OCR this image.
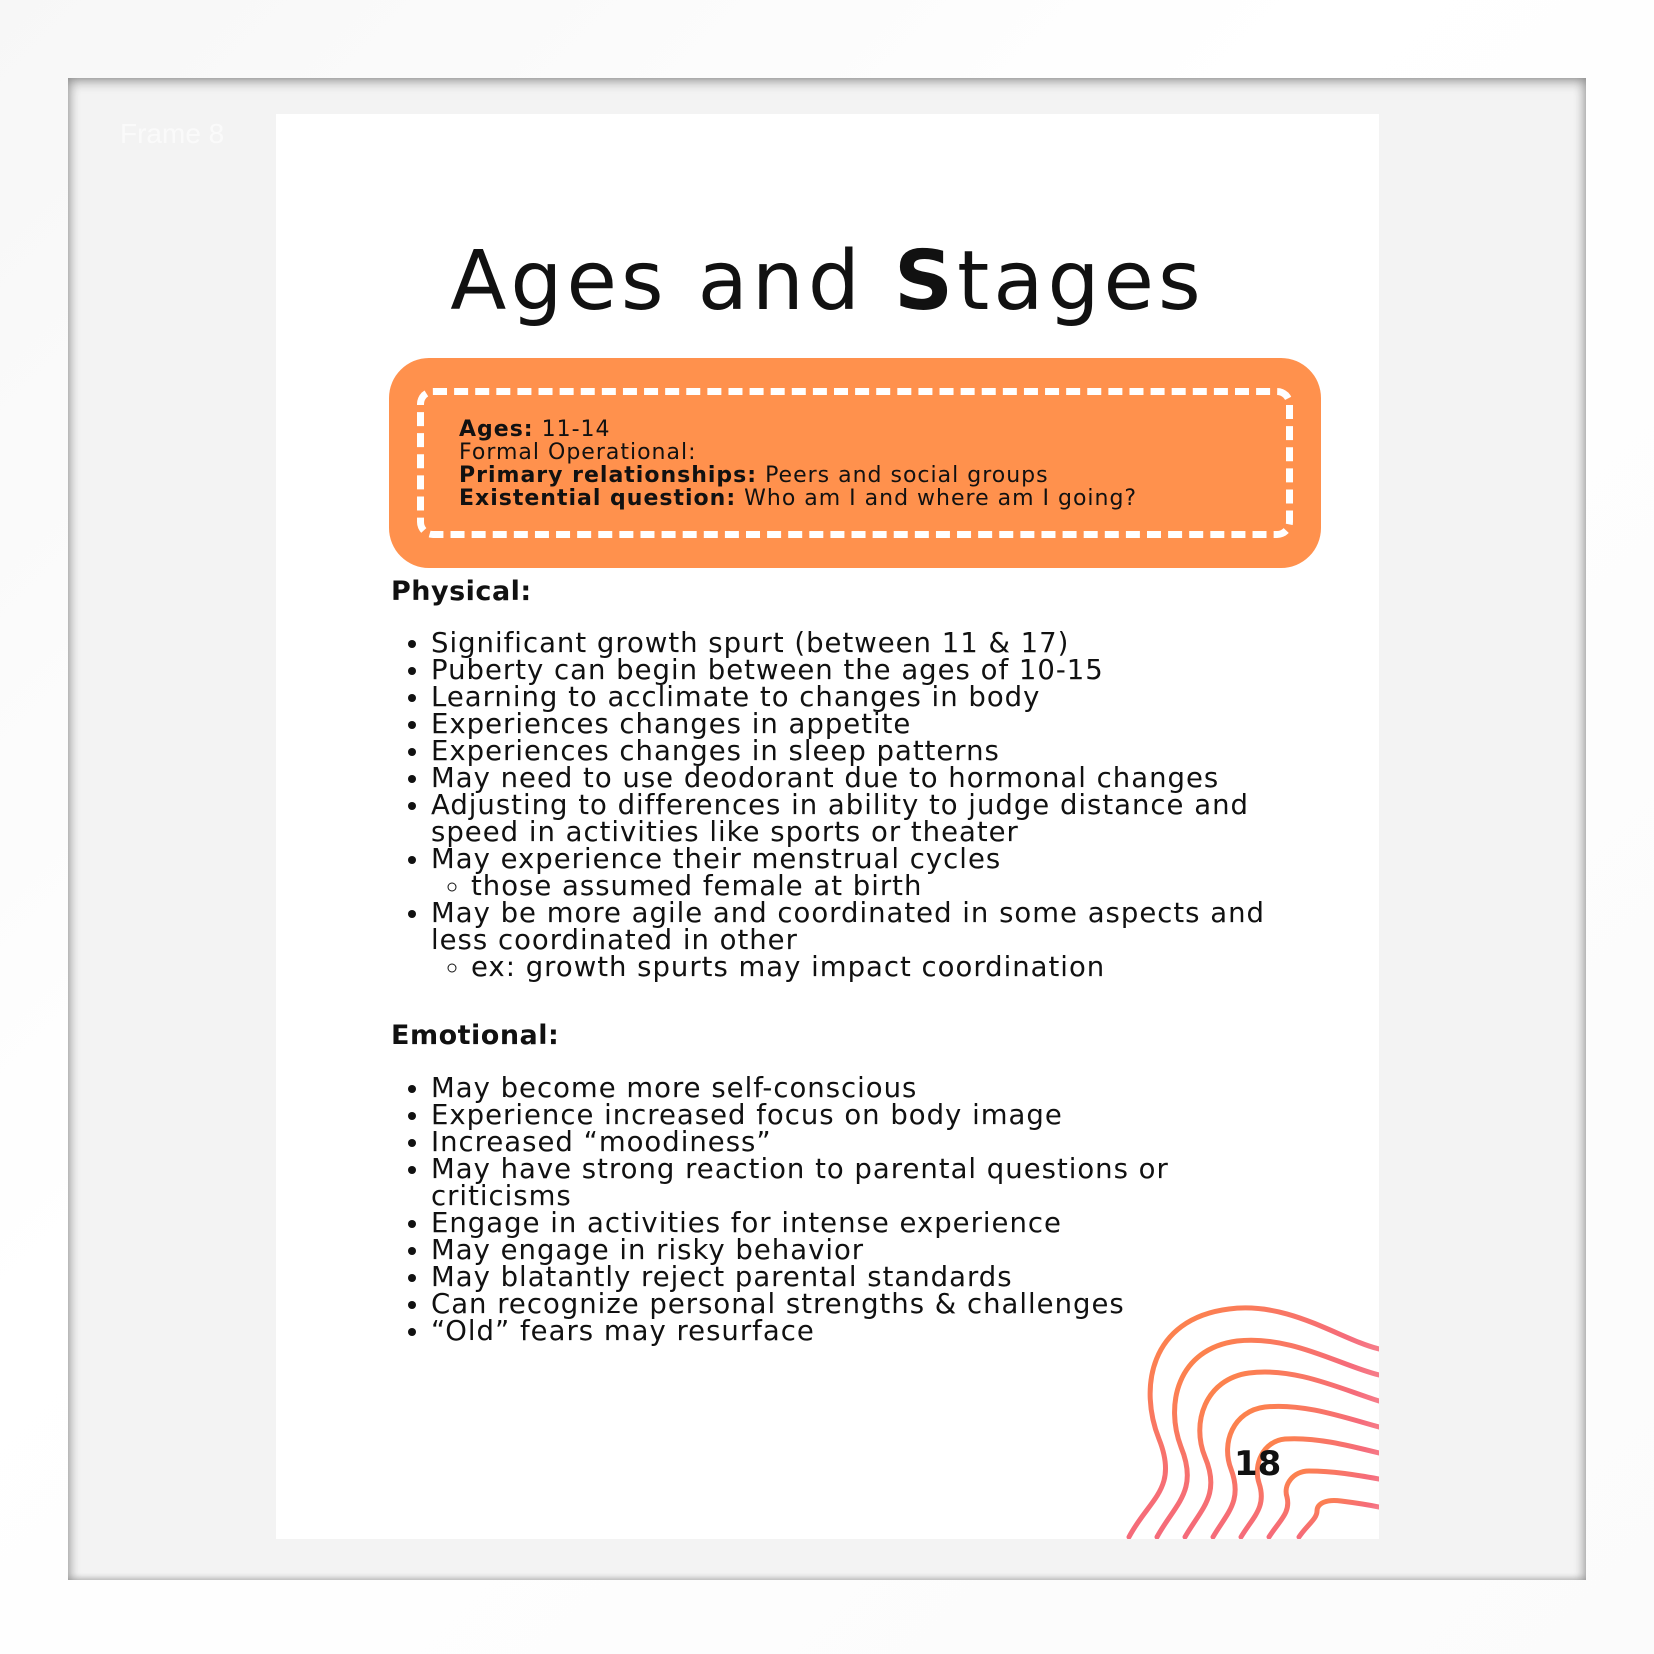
Frame 8
Ages and Stages
Ages: 11-14
Formal Operational:
Primary relationships: Peers and social groups
Existential question: Who am I and where am I going?
Physical:
• Significant growth spurt (between 11 & 17)
• Puberty can begin between the ages of 10-15
• Learning to acclimate to changes in body
• Experiences changes in appetite
• Experiences changes in sleep patterns
• May need to use deodorant due to hormonal changes
• Adjusting to differences in ability to judge distance and speed in activities like sports or theater
• May experience their menstrual cycles
◦ those assumed female at birth
• May be more agile and coordinated in some aspects and less coordinated in other
◦ ex: growth spurts may impact coordination
Emotional:
• May become more self-conscious
• Experience increased focus on body image
• Increased “moodiness”
• May have strong reaction to parental questions or criticisms
• Engage in activities for intense experience
• May engage in risky behavior
• May blatantly reject parental standards
• Can recognize personal strengths & challenges
• “Old” fears may resurface
18
